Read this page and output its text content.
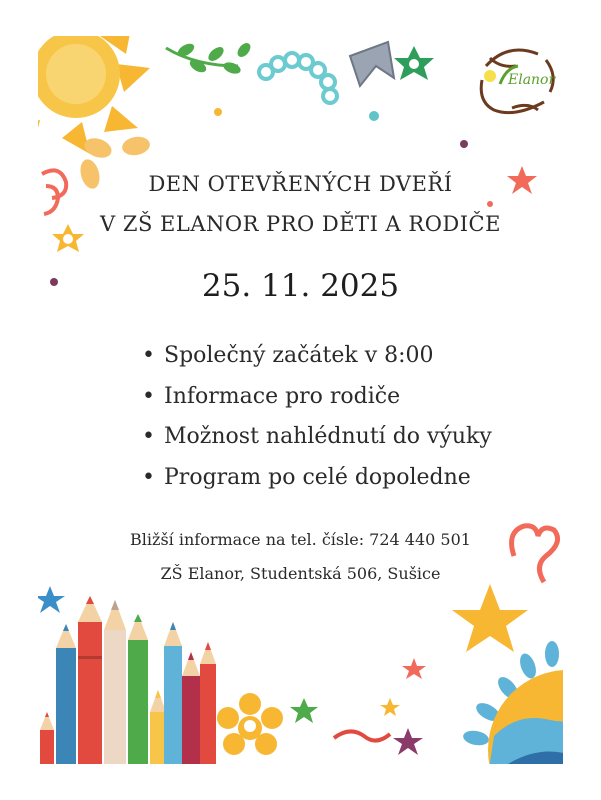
Elanor
DEN OTEVŘENÝCH DVEŘÍ
V ZŠ ELANOR PRO DĚTI A RODIČE
25. 11. 2025
• Společný začátek v 8:00
• Informace pro rodiče
• Možnost nahlédnutí do výuky
• Program po celé dopoledne
Bližší informace na tel. čísle: 724 440 501
ZŠ Elanor, Studentská 506, Sušice
